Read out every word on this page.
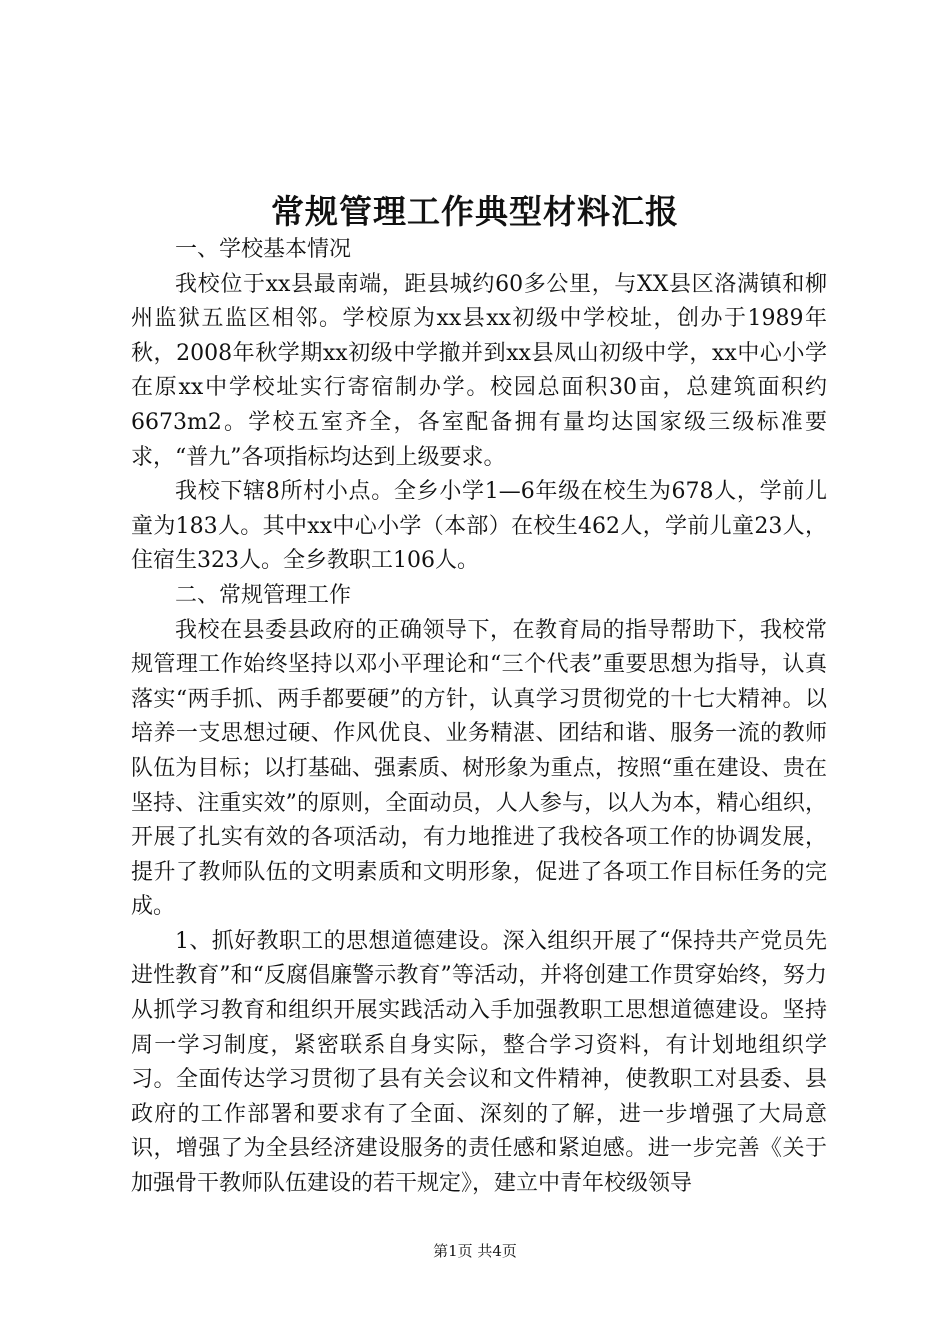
常规管理工作典型材料汇报

一、学校基本情况

我校位于xx县最南端，距县城约60多公里，与XX县区洛满镇和柳州监狱五监区相邻。学校原为xx县xx初级中学校址，创办于1989年秋，2008年秋学期xx初级中学撤并到xx县凤山初级中学，xx中心小学在原xx中学校址实行寄宿制办学。校园总面积30亩，总建筑面积约6673m2。学校五室齐全，各室配备拥有量均达国家级三级标准要求，“普九”各项指标均达到上级要求。

我校下辖8所村小点。全乡小学1—6年级在校生为678人，学前儿童为183人。其中xx中心小学（本部）在校生462人，学前儿童23人，住宿生323人。全乡教职工106人。

二、常规管理工作

我校在县委县政府的正确领导下，在教育局的指导帮助下，我校常规管理工作始终坚持以邓小平理论和“三个代表”重要思想为指导，认真落实“两手抓、两手都要硬”的方针，认真学习贯彻党的十七大精神。以培养一支思想过硬、作风优良、业务精湛、团结和谐、服务一流的教师队伍为目标；以打基础、强素质、树形象为重点，按照“重在建设、贵在坚持、注重实效”的原则，全面动员，人人参与，以人为本，精心组织，开展了扎实有效的各项活动，有力地推进了我校各项工作的协调发展，提升了教师队伍的文明素质和文明形象，促进了各项工作目标任务的完成。

1、抓好教职工的思想道德建设。深入组织开展了“保持共产党员先进性教育”和“反腐倡廉警示教育”等活动，并将创建工作贯穿始终，努力从抓学习教育和组织开展实践活动入手加强教职工思想道德建设。坚持周一学习制度，紧密联系自身实际，整合学习资料，有计划地组织学习。全面传达学习贯彻了县有关会议和文件精神，使教职工对县委、县政府的工作部署和要求有了全面、深刻的了解，进一步增强了大局意识，增强了为全县经济建设服务的责任感和紧迫感。进一步完善《关于加强骨干教师队伍建设的若干规定》，建立中青年校级领导

第1页 共4页
